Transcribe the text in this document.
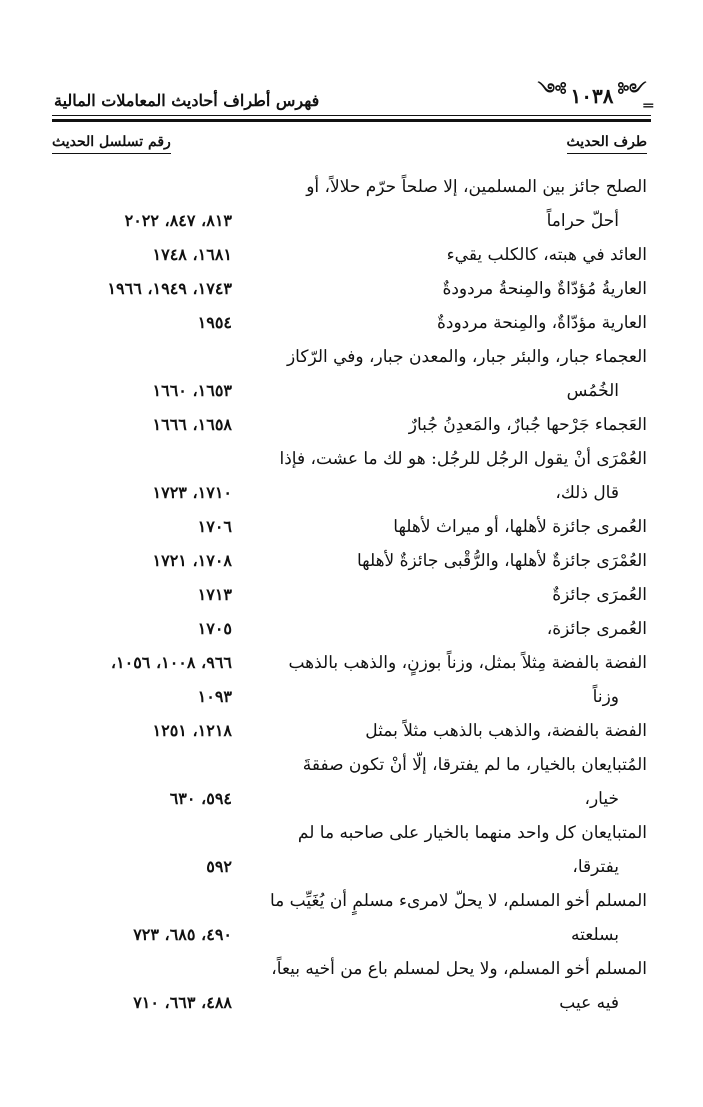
فهرس أطراف أحاديث المعاملات المالية	═
༺ ١٠٣٨ ༻
طرف الحديث
رقم تسلسل الحديث
الصلح جائز بين المسلمين، إلا صلحاً حرّم حلالاً، أو
أحلّ حراماً
٨١٣، ٨٤٧، ٢٠٢٢
العائد في هبته، كالكلب يقيء
١٦٨١، ١٧٤٨
العاريةُ مُؤدّاةٌ والمِنحةُ مردودةٌ
١٧٤٣، ١٩٤٩، ١٩٦٦
العارية مؤدّاةٌ، والمِنحة مردودةٌ
١٩٥٤
العجماء جبار، والبئر جبار، والمعدن جبار، وفي الرّكاز
الخُمُس
١٦٥٣، ١٦٦٠
العَجماء جَرْحها جُبارٌ، والمَعدِنُ جُبارٌ
١٦٥٨، ١٦٦٦
العُمْرَى أنْ يقول الرجُل للرجُل: هو لك ما عشت، فإذا
قال ذلك،
١٧١٠، ١٧٢٣
العُمرى جائزة لأهلها، أو ميراث لأهلها
١٧٠٦
العُمْرَى جائزةٌ لأهلها، والرُّقْبى جائزةٌ لأهلها
١٧٠٨، ١٧٢١
العُمرَى جائزةٌ
١٧١٣
العُمرى جائزة،
١٧٠٥
الفضة بالفضة مِثلاً بمثل، وزناً بوزنٍ، والذهب بالذهب
وزناً
٩٦٦، ١٠٠٨، ١٠٥٦،
١٠٩٣
الفضة بالفضة، والذهب بالذهب مثلاً بمثل
١٢١٨، ١٢٥١
المُتبايعان بالخيار، ما لم يفترقا، إلّا أنْ تكون صفقةَ
خيار،
٥٩٤، ٦٣٠
المتبايعان كل واحد منهما بالخيار على صاحبه ما لم
يفترقا،
٥٩٢
المسلم أخو المسلم، لا يحلّ لامرىء مسلمٍ أن يُغَيِّب ما
بسلعته
٤٩٠، ٦٨٥، ٧٢٣
المسلم أخو المسلم، ولا يحل لمسلم باع من أخيه بيعاً،
فيه عيب
٤٨٨، ٦٦٣، ٧١٠
